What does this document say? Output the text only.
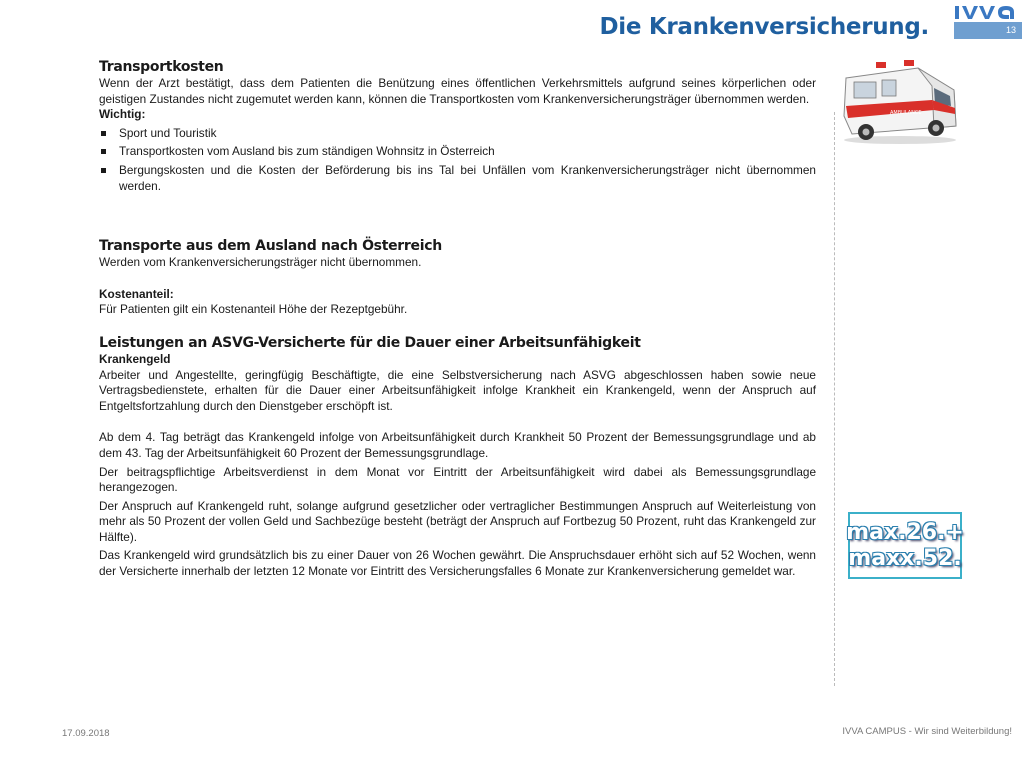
Die Krankenversicherung.	13
Transportkosten

Wenn der Arzt bestätigt, dass dem Patienten die Benützung eines öffentlichen Verkehrsmittels aufgrund seines körperlichen oder geistigen Zustandes nicht zugemutet werden kann, können die Transportkosten vom Krankenversicherungsträger übernommen werden.

Wichtig:

Sport und Touristik
Transportkosten vom Ausland bis zum ständigen Wohnsitz in Österreich
Bergungskosten und die Kosten der Beförderung bis ins Tal bei Unfällen vom Krankenversicherungsträger nicht übernommen werden.
Transporte aus dem Ausland nach Österreich

Werden vom Krankenversicherungsträger nicht übernommen.

Kostenanteil:

Für Patienten gilt ein Kostenanteil Höhe der Rezeptgebühr.

Leistungen an ASVG-Versicherte für die Dauer einer Arbeitsunfähigkeit

Krankengeld

Arbeiter und Angestellte, geringfügig Beschäftigte, die eine Selbstversicherung nach ASVG abgeschlossen haben sowie neue Vertragsbedienstete, erhalten für die Dauer einer Arbeitsunfähigkeit infolge Krankheit ein Krankengeld, wenn der Anspruch auf Entgeltsfortzahlung durch den Dienstgeber erschöpft ist.

Ab dem 4. Tag beträgt das Krankengeld infolge von Arbeitsunfähigkeit durch Krankheit 50 Prozent der Bemessungsgrundlage und ab dem 43. Tag der Arbeitsunfähigkeit 60 Prozent der Bemessungsgrundlage.

Der beitragspflichtige Arbeitsverdienst in dem Monat vor Eintritt der Arbeitsunfähigkeit wird dabei als Bemessungsgrundlage herangezogen.

Der Anspruch auf Krankengeld ruht, solange aufgrund gesetzlicher oder vertraglicher Bestimmungen Anspruch auf Weiterleistung von mehr als 50 Prozent der vollen Geld und Sachbezüge besteht (beträgt der Anspruch auf Fortbezug 50 Prozent, ruht das Krankengeld zur Hälfte).

Das Krankengeld wird grundsätzlich bis zu einer Dauer von 26 Wochen gewährt. Die Anspruchsdauer erhöht sich auf 52 Wochen, wenn der Versicherte innerhalb der letzten 12 Monate vor Eintritt des Versicherungsfalles 6 Monate zur Krankenversicherung gemeldet war.

AMBULANCE
max.26.+
maxx.52.
17.09.2018	IVVA CAMPUS - Wir sind Weiterbildung!
